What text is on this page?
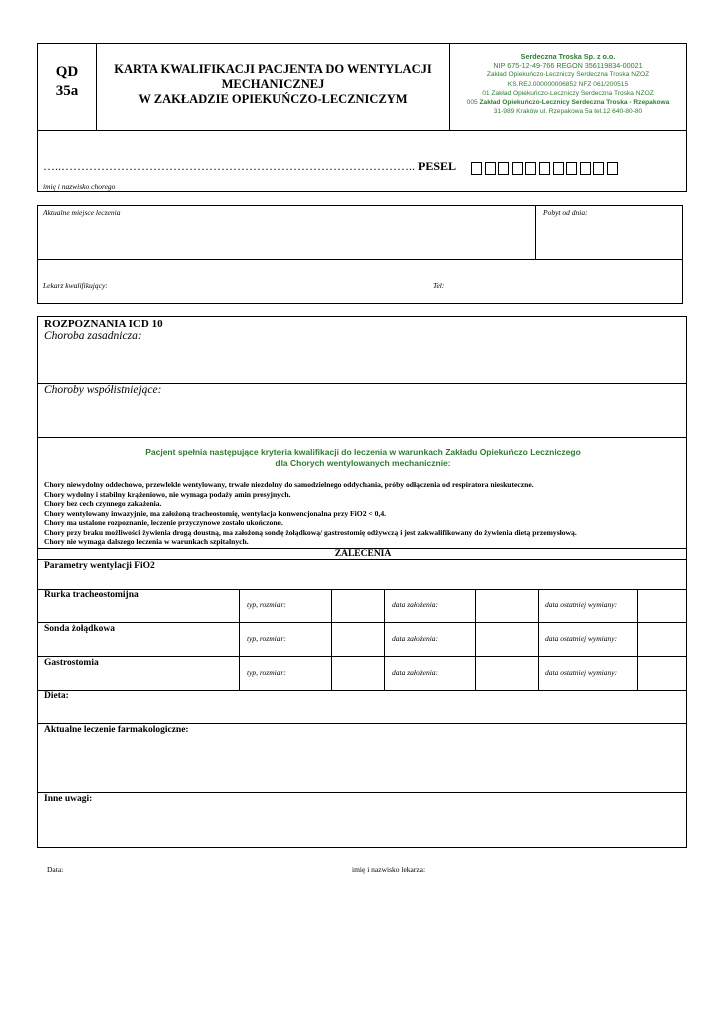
QD
35a
KARTA KWALIFIKACJI PACJENTA DO WENTYLACJI
MECHANICZNEJ
W ZAKŁADZIE OPIEKUŃCZO-LECZNICZYM
Serdeczna Troska Sp. z o.o.
NIP 675-12-49-766 REGON 356119834-00021
Zakład Opiekuńczo-Leczniczy Serdeczna Troska NZOZ
KS.REJ.000000006852 NFZ 061/200515
01 Zakład Opiekuńczo-Leczniczy Serdeczna Troska NZOZ
005 Zakład Opiekuńczo-Lecznicy Serdeczna Troska - Rzepakowa
31-989 Kraków ul. Rzepakowa 5a tel.12 640-80-80
…..…………………………………………………………………………….. PESEL
imię i nazwisko chorego
Aktualne miejsce leczenia	Pobyt od dnia:
Lekarz kwalifikujący:	Tel:
ROZPOZNANIA ICD 10
Choroba zasadnicza:
Choroby współistniejące:
Pacjent spełnia następujące kryteria kwalifikacji do leczenia w warunkach Zakładu Opiekuńczo Leczniczego
dla Chorych wentylowanych mechanicznie:
Chory niewydolny oddechowo, przewlekle wentylowany, trwale niezdolny do samodzielnego oddychania, próby odłączenia od respiratora nieskuteczne.
Chory wydolny i stabilny krążeniowo, nie wymaga podaży amin presyjnych.
Chory bez cech czynnego zakażenia.
Chory wentylowany inwazyjnie, ma założoną tracheostomię, wentylacja konwencjonalna przy FiO2 < 0,4.
Chory ma ustalone rozpoznanie, leczenie przyczynowe zostało ukończone.
Chory przy braku możliwości żywienia drogą doustną, ma założoną sondę żołądkową/ gastrostomię odżywczą i jest zakwalifikowany do żywienia dietą przemysłową.
Chory nie wymaga dalszego leczenia w warunkach szpitalnych.
ZALECENIA
Parametry wentylacji FiO2
Rurka tracheostomijna
typ, rozmiar:	data założenia:	data ostatniej wymiany:
Sonda żołądkowa
typ, rozmiar:	data założenia:	data ostatniej wymiany:
Gastrostomia
typ, rozmiar:	data założenia:	data ostatniej wymiany:
Dieta:
Aktualne leczenie farmakologiczne:
Inne uwagi:
Data:	imię i nazwisko lekarza:
